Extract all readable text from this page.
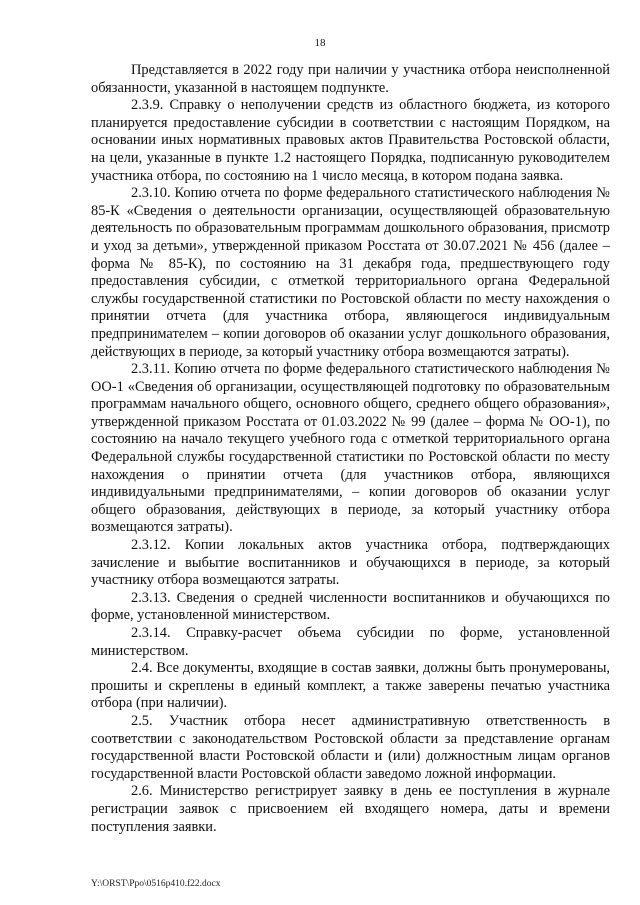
18

Представляется в 2022 году при наличии у участника отбора неисполненной обязанности, указанной в настоящем подпункте.

2.3.9. Справку о неполучении средств из областного бюджета, из которого планируется предоставление субсидии в соответствии с настоящим Порядком, на основании иных нормативных правовых актов Правительства Ростовской области, на цели, указанные в пункте 1.2 настоящего Порядка, подписанную руководителем участника отбора, по состоянию на 1 число месяца, в котором подана заявка.

2.3.10. Копию отчета по форме федерального статистического наблюдения № 85-К «Сведения о деятельности организации, осуществляющей образовательную деятельность по образовательным программам дошкольного образования, присмотр и уход за детьми», утвержденной приказом Росстата от 30.07.2021 № 456 (далее – форма № 85-К), по состоянию на 31 декабря года, предшествующего году предоставления субсидии, с отметкой территориального органа Федеральной службы государственной статистики по Ростовской области по месту нахождения о принятии отчета (для участника отбора, являющегося индивидуальным предпринимателем – копии договоров об оказании услуг дошкольного образования, действующих в периоде, за который участнику отбора возмещаются затраты).

2.3.11. Копию отчета по форме федерального статистического наблюдения № ОО-1 «Сведения об организации, осуществляющей подготовку по образовательным программам начального общего, основного общего, среднего общего образования», утвержденной приказом Росстата от 01.03.2022 № 99 (далее – форма № ОО-1), по состоянию на начало текущего учебного года с отметкой территориального органа Федеральной службы государственной статистики по Ростовской области по месту нахождения о принятии отчета (для участников отбора, являющихся индивидуальными предпринимателями, – копии договоров об оказании услуг общего образования, действующих в периоде, за который участнику отбора возмещаются затраты).

2.3.12. Копии локальных актов участника отбора, подтверждающих зачисление и выбытие воспитанников и обучающихся в периоде, за который участнику отбора возмещаются затраты.

2.3.13. Сведения о средней численности воспитанников и обучающихся по форме, установленной министерством.

2.3.14. Справку-расчет объема субсидии по форме, установленной министерством.

2.4. Все документы, входящие в состав заявки, должны быть пронумерованы, прошиты и скреплены в единый комплект, а также заверены печатью участника отбора (при наличии).

2.5. Участник отбора несет административную ответственность в соответствии с законодательством Ростовской области за представление органам государственной власти Ростовской области и (или) должностным лицам органов государственной власти Ростовской области заведомо ложной информации.

2.6. Министерство регистрирует заявку в день ее поступления в журнале регистрации заявок с присвоением ей входящего номера, даты и времени поступления заявки.

Y:\ORST\Ppo\0516p410.f22.docx
